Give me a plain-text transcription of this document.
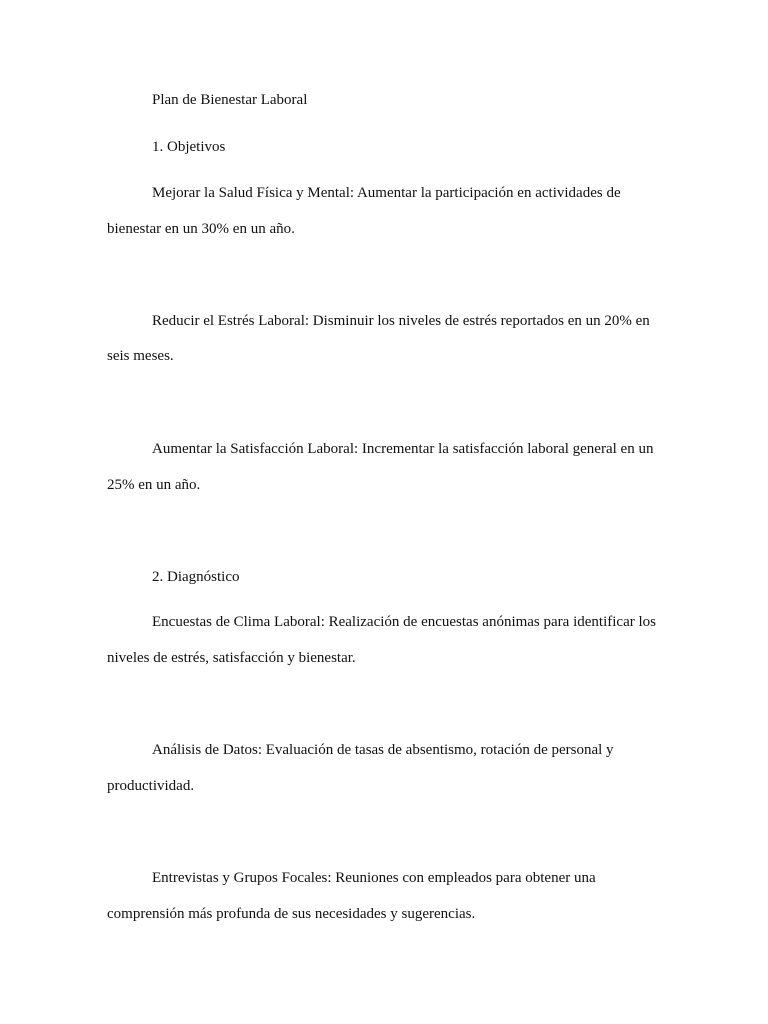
Plan de Bienestar Laboral
1. Objetivos
Mejorar la Salud Física y Mental: Aumentar la participación en actividades de
bienestar en un 30% en un año.
Reducir el Estrés Laboral: Disminuir los niveles de estrés reportados en un 20% en
seis meses.
Aumentar la Satisfacción Laboral: Incrementar la satisfacción laboral general en un
25% en un año.
2. Diagnóstico
Encuestas de Clima Laboral: Realización de encuestas anónimas para identificar los
niveles de estrés, satisfacción y bienestar.
Análisis de Datos: Evaluación de tasas de absentismo, rotación de personal y
productividad.
Entrevistas y Grupos Focales: Reuniones con empleados para obtener una
comprensión más profunda de sus necesidades y sugerencias.
